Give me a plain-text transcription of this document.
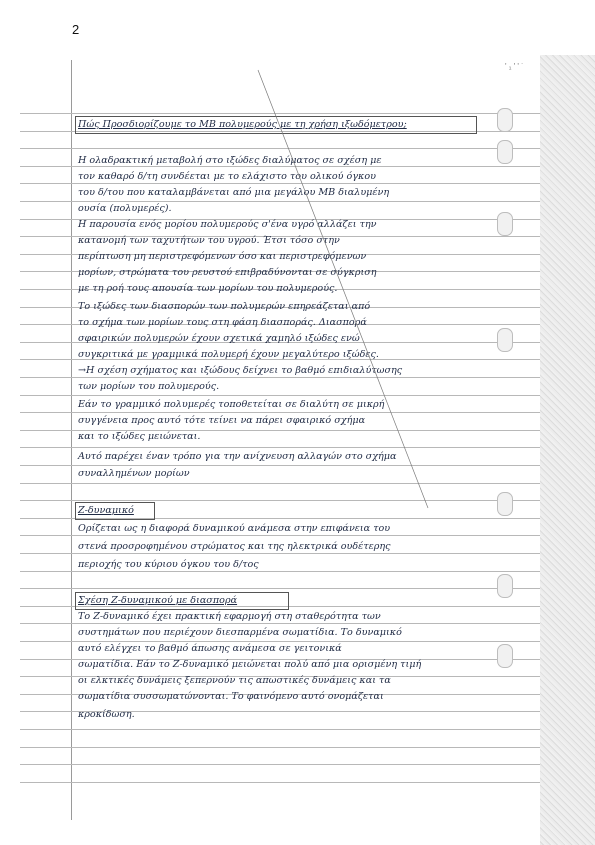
' ₁ ' ' ˙
2
Πώς Προσδιορίζουμε το ΜΒ πολυμερούς με τη χρήση ιξωδόμετρου;
Η ολαδρακτική μεταβολή στο ιξώδες διαλύματος σε σχέση με
τον καθαρό δ/τη συνδέεται με το ελάχιστο του ολικού όγκου
του δ/του που καταλαμβάνεται από μια μεγάλου ΜΒ διαλυμένη
ουσία (πολυμερές).
Η παρουσία ενός μορίου πολυμερούς σ'ένα υγρό αλλάζει την
κατανομή των ταχυτήτων του υγρού. Έτσι τόσο στην
περίπτωση μη περιστρεφόμενων όσο και περιστρεφόμενων
μορίων, στρώματα του ρευστού επιβραδύνονται σε σύγκριση
με τη ροή τους απουσία των μορίων του πολυμερούς.
Το ιξώδες των διασπορών των πολυμερών επηρεάζεται από
το σχήμα των μορίων τους στη φάση διασποράς. Διασπορά
σφαιρικών πολυμερών έχουν σχετικά χαμηλό ιξώδες ενώ
συγκριτικά με γραμμικά πολυμερή έχουν μεγαλύτερο ιξώδες.
→Η σχέση σχήματος και ιξώδους δείχνει το βαθμό επιδιαλύτωσης
των μορίων του πολυμερούς.
Εάν το γραμμικό πολυμερές τοποθετείται σε διαλύτη σε μικρή
συγγένεια προς αυτό τότε τείνει να πάρει σφαιρικό σχήμα
και το ιξώδες μειώνεται.
Αυτό παρέχει έναν τρόπο για την ανίχνευση αλλαγών στο σχήμα
συναλλημένων μορίων
Ζ-δυναμικό
Ορίζεται ως η διαφορά δυναμικού ανάμεσα στην επιφάνεια του
στενά προσροφημένου στρώματος και της ηλεκτρικά ουδέτερης
περιοχής του κύριου όγκου του δ/τος
Σχέση Ζ-δυναμικού με διασπορά
Το Ζ-δυναμικό έχει πρακτική εφαρμογή στη σταθερότητα των
συστημάτων που περιέχουν διεσπαρμένα σωματίδια. Το δυναμικό
αυτό ελέγχει το βαθμό άπωσης ανάμεσα σε γειτονικά
σωματίδια. Εάν το Ζ-δυναμικό μειώνεται πολύ από μια ορισμένη τιμή
οι ελκτικές δυνάμεις ξεπερνούν τις απωστικές δυνάμεις και τα
σωματίδια συσσωματώνονται. Το φαινόμενο αυτό ονομάζεται
κροκίδωση.
